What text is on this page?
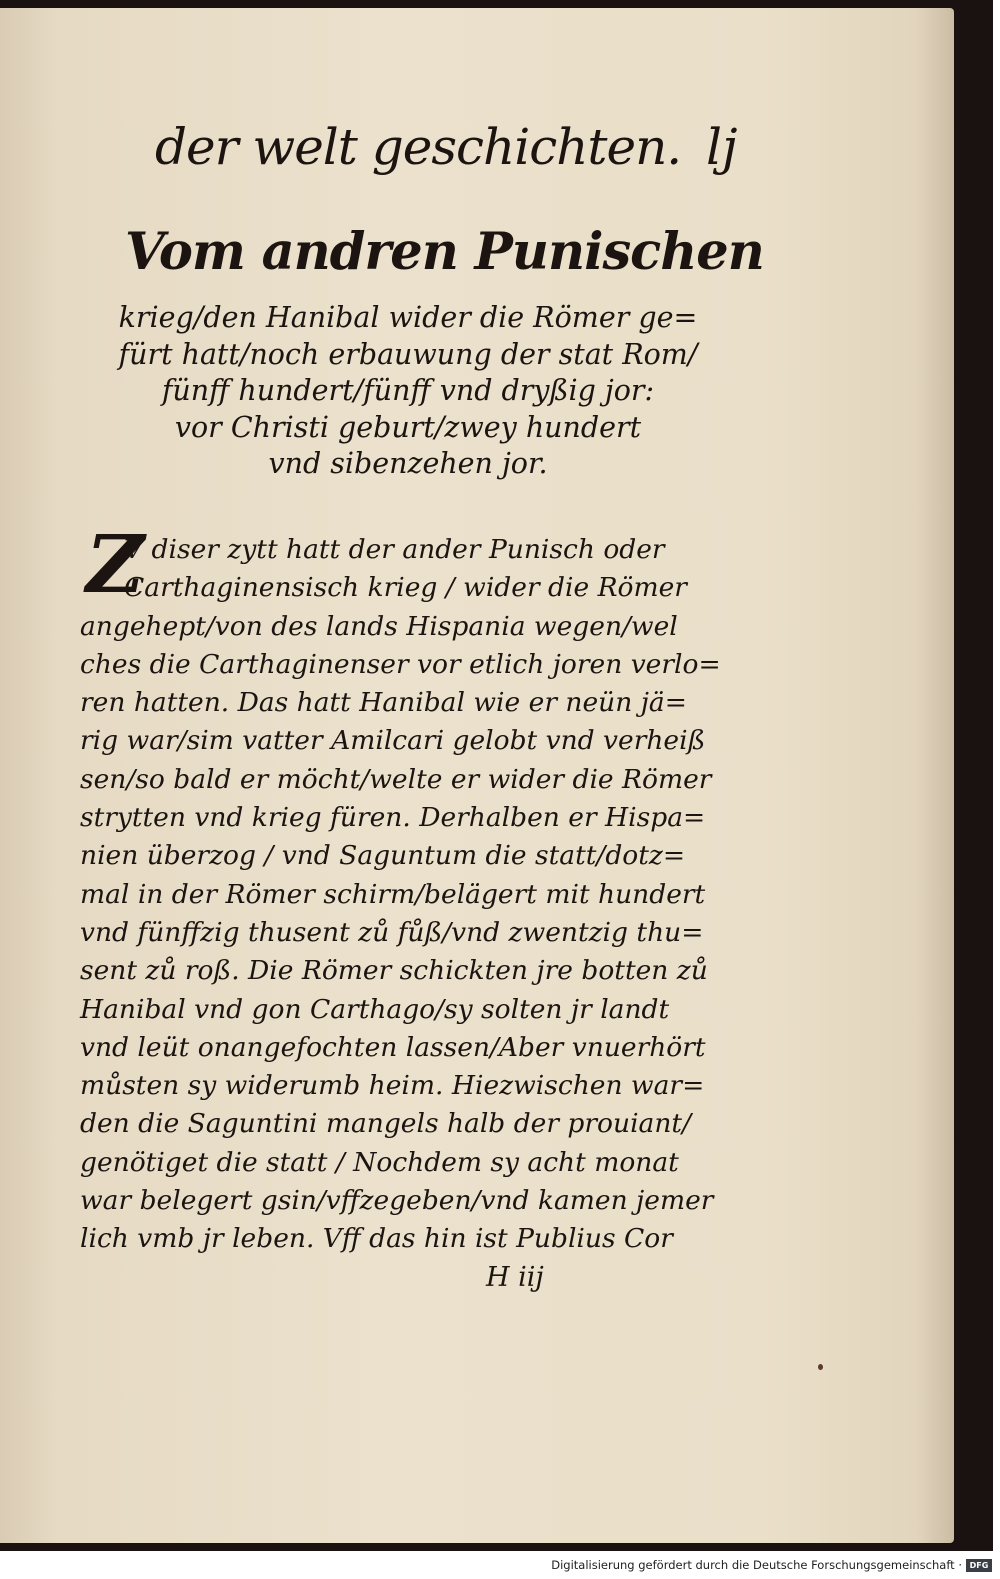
der welt geschichten. lj
Vom andren Punischen
krieg/den Hanibal wider die Römer ge=
fürt hatt/noch erbauwung der stat Rom/
fünff hundert/fünff vnd dryßig jor:
vor Christi geburt/zwey hundert
vnd sibenzehen jor.
Z
V diser zytt hatt der ander Punisch oder
Carthaginensisch krieg / wider die Römer
angehept/von des lands Hispania wegen/wel
ches die Carthaginenser vor etlich joren verlo=
ren hatten. Das hatt Hanibal wie er neün jä=
rig war/sim vatter Amilcari gelobt vnd verheiß
sen/so bald er möcht/welte er wider die Römer
strytten vnd krieg füren. Derhalben er Hispa=
nien überzog / vnd Saguntum die statt/dotz=
mal in der Römer schirm/belägert mit hundert
vnd fünffzig thusent zů fůß/vnd zwentzig thu=
sent zů roß. Die Römer schickten jre botten zů
Hanibal vnd gon Carthago/sy solten jr landt
vnd leüt onangefochten lassen/Aber vnuerhört
můsten sy widerumb heim. Hiezwischen war=
den die Saguntini mangels halb der prouiant/
genötiget die statt / Nochdem sy acht monat
war belegert gsin/vffzegeben/vnd kamen jemer
lich vmb jr leben. Vff das hin ist Publius Cor
H iij
Digitalisierung gefördert durch die Deutsche Forschungsgemeinschaft · DFG
